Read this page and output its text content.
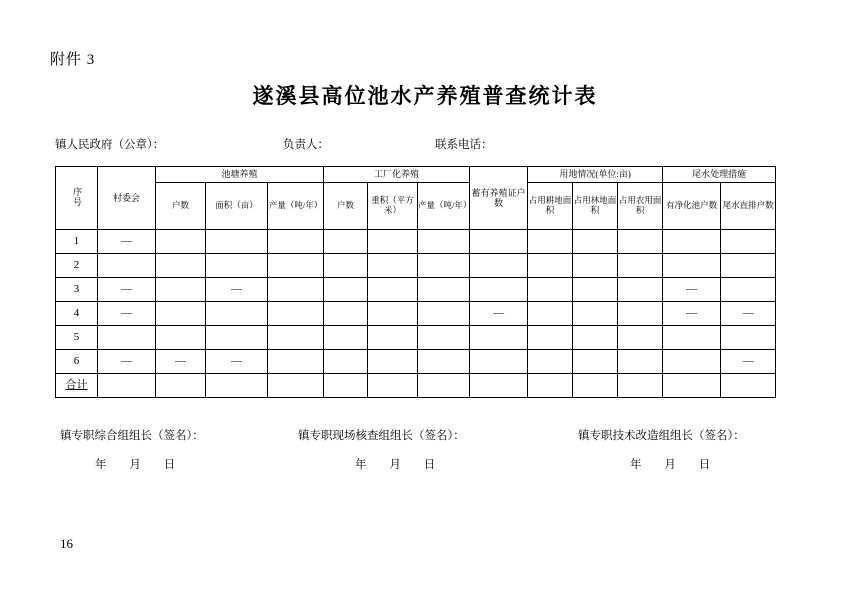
附件 3
遂溪县高位池水产养殖普查统计表
镇人民政府（公章）：	负责人：	联系电话：
序号	村委会	池塘养殖			工厂化养殖			蓄有养殖证户数	用地情况(单位:亩)			尾水处理措施	
		户数	面积（亩）	产量（吨/年）	户数	重积（平方米）	产量（吨/年）		占用耕地面积	占用林地面积	占用农用面积	有净化池户数	尾水直排户数
1	—												
2													
3	—		—									—	
4	—							—				—	—
5													
6	—	—	—										—
合计													
镇专职综合组组长（签名）：	镇专职现场核查组组长（签名）：	镇专职技术改造组组长（签名）：
年 月 日	年 月 日	年 月 日
16
